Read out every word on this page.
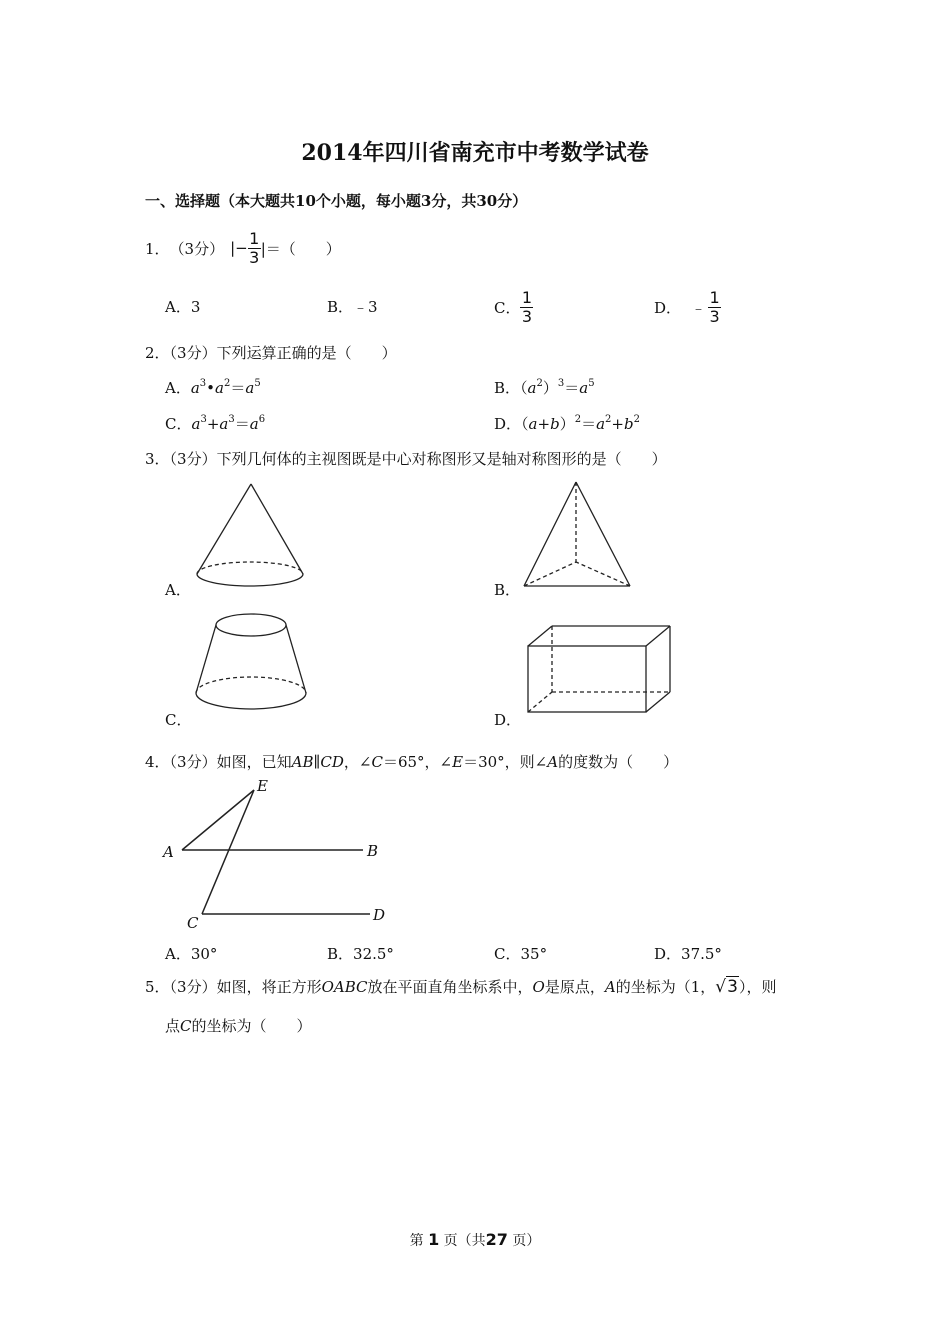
2014年四川省南充市中考数学试卷
一、选择题（本大题共10个小题，每小题3分，共30分）
1． （3分） |− $\frac{1}{3}$ |＝（　　）
A．3	B．﹣3	C． $\frac{1}{3}$	D． ﹣ $\frac{1}{3}$
2．（3分）下列运算正确的是（　　）
A．$a^3•a^2=a^5$	B．$(a^2)^3=a^5$
C．$a^3+a^3=a^6$	D．$(a+b)^2=a^2+b^2$
3．（3分）下列几何体的主视图既是中心对称图形又是轴对称图形的是（　　）
A．	B．
C．	D．
4．（3分）如图，已知AB∥CD，∠C＝65°，∠E＝30°，则∠A的度数为（　　）
A	B
C	D
E
A．30°	B．32.5°	C．35°	D．37.5°
5．（3分）如图，将正方形OABC放在平面直角坐标系中，O是原点，A的坐标为（1，√3），则
点C的坐标为（　　）
第 1 页（共27 页）
